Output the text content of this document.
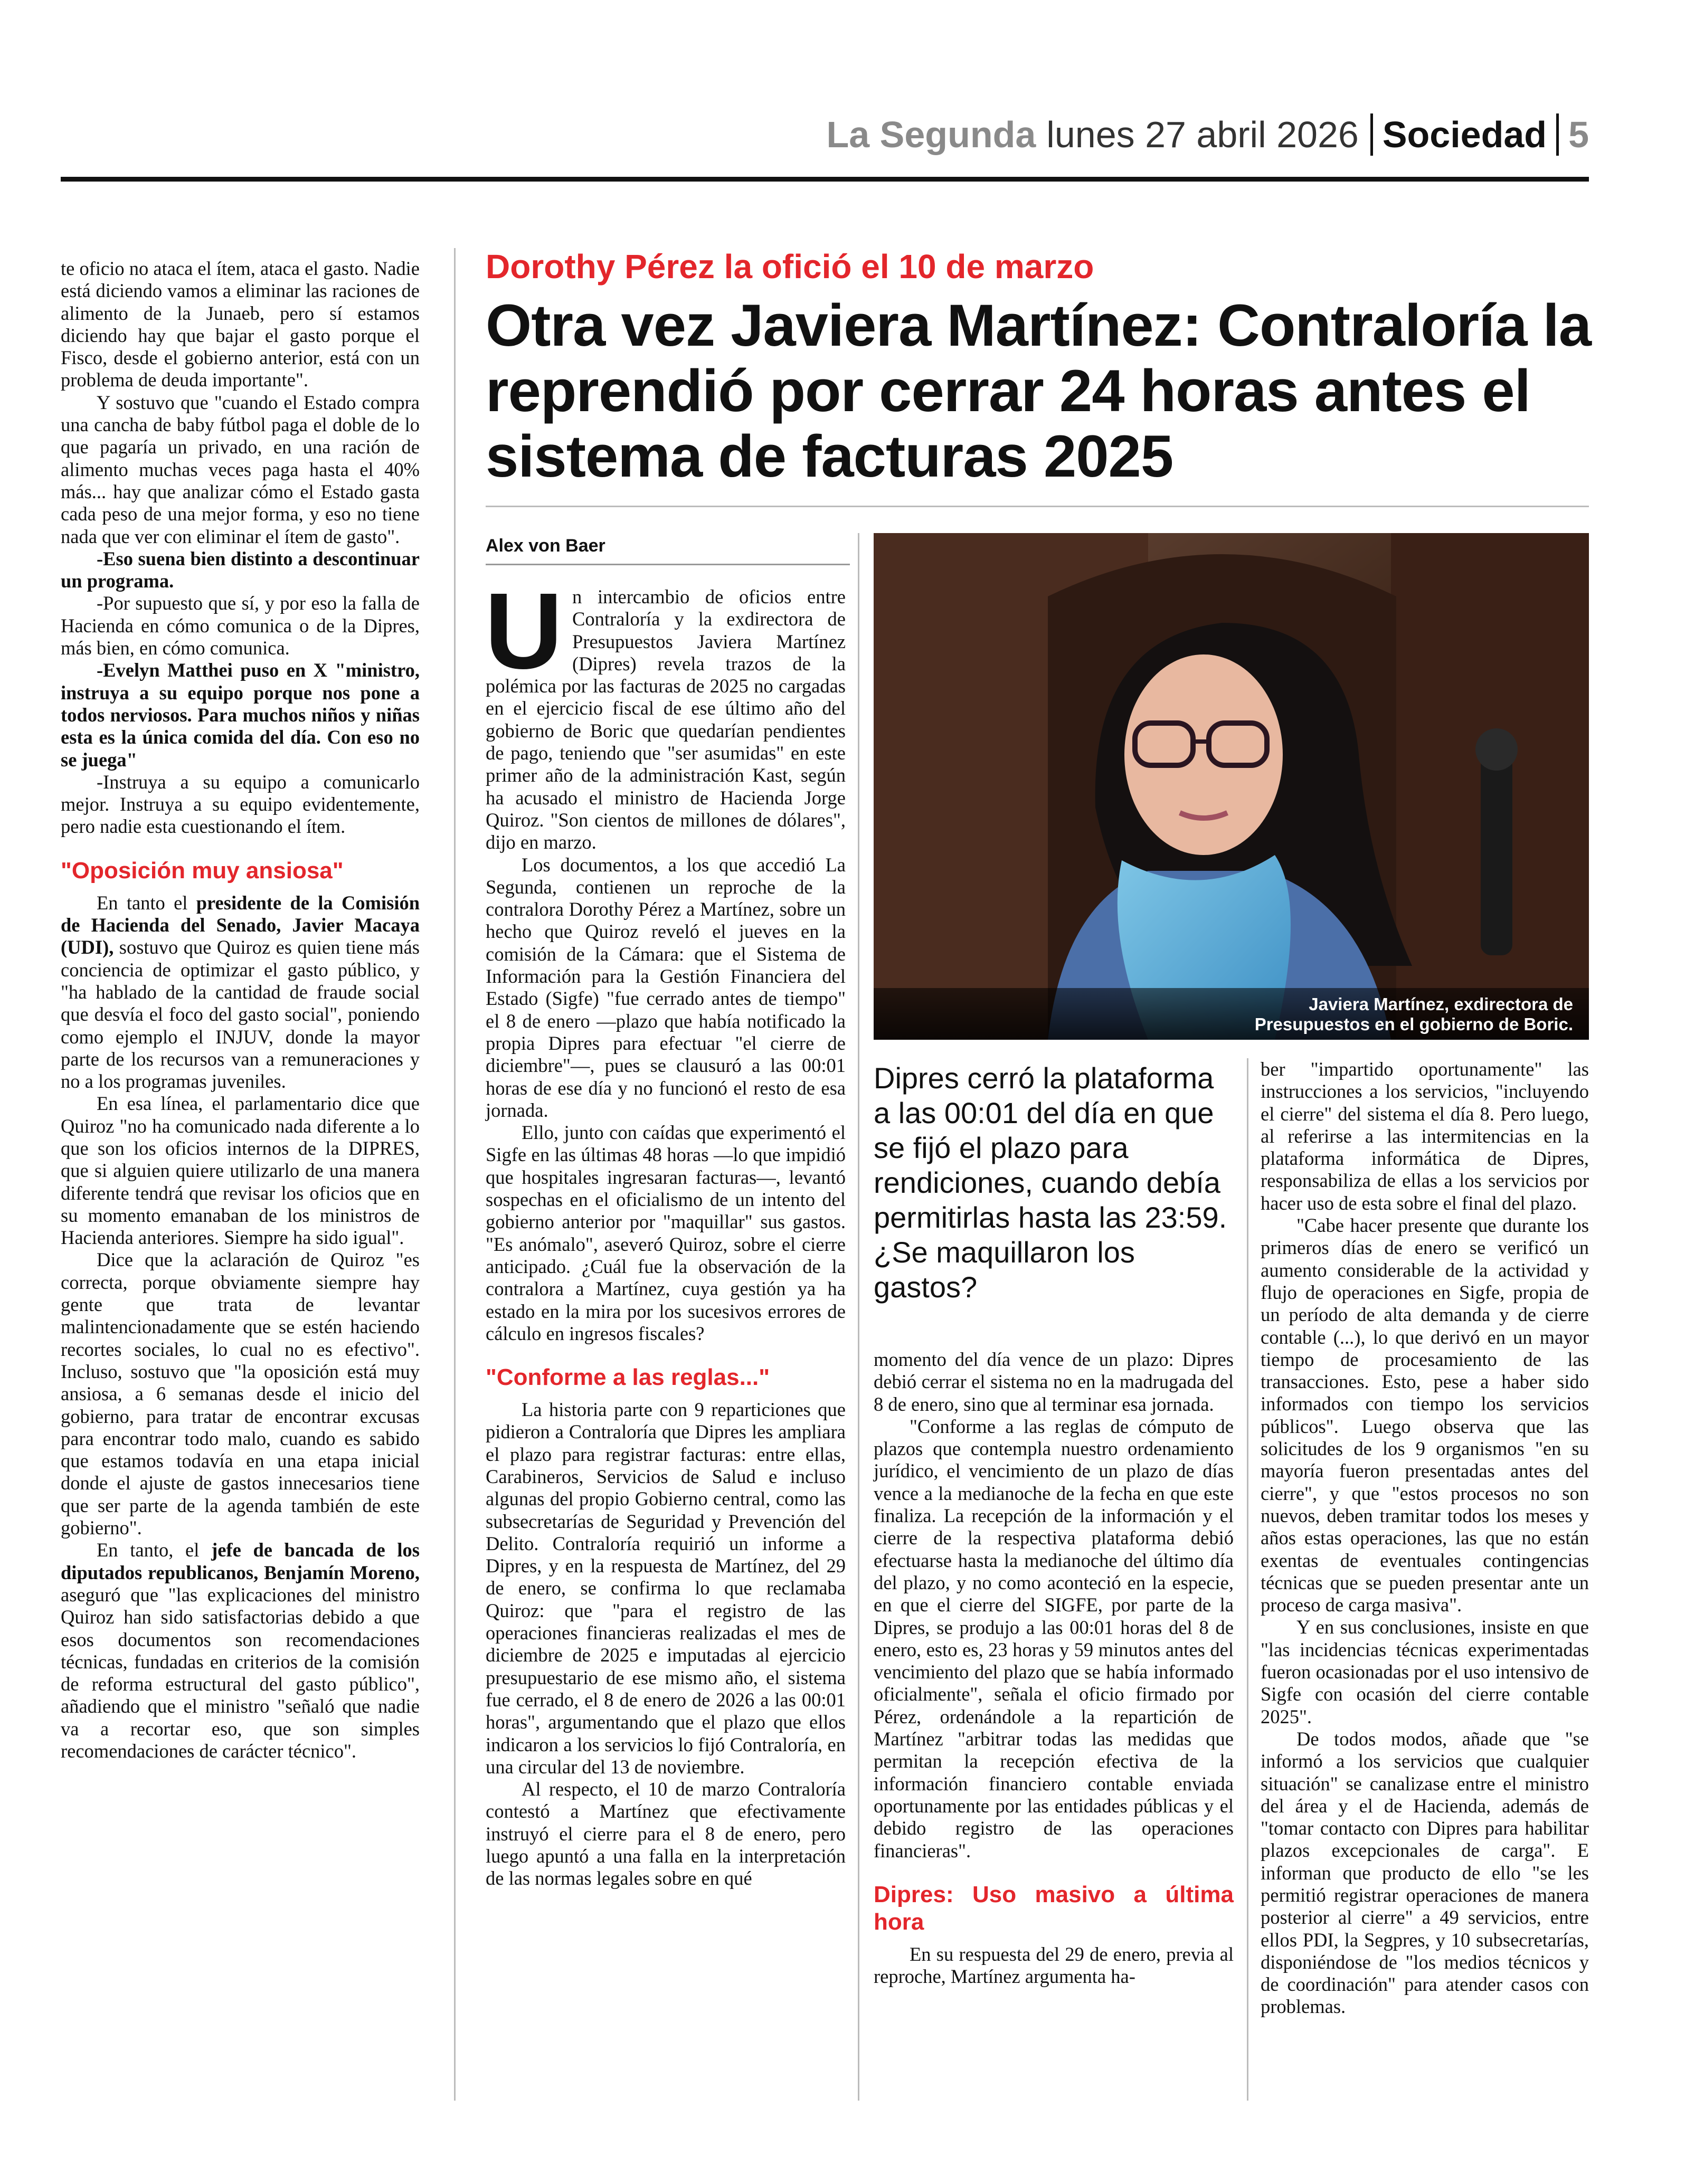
La Segunda lunes 27 abril 2026 Sociedad 5

te oficio no ataca el ítem, ataca el gasto. Nadie está diciendo vamos a eliminar las raciones de alimento de la Junaeb, pero sí estamos diciendo hay que bajar el gasto porque el Fisco, desde el gobierno anterior, está con un problema de deuda importante".

Y sostuvo que "cuando el Estado compra una cancha de baby fútbol paga el doble de lo que pagaría un privado, en una ración de alimento muchas veces paga hasta el 40% más... hay que analizar cómo el Estado gasta cada peso de una mejor forma, y eso no tiene nada que ver con eliminar el ítem de gasto".

-Eso suena bien distinto a descontinuar un programa.

-Por supuesto que sí, y por eso la falla de Hacienda en cómo comunica o de la Dipres, más bien, en cómo comunica.

-Evelyn Matthei puso en X "ministro, instruya a su equipo porque nos pone a todos nerviosos. Para muchos niños y niñas esta es la única comida del día. Con eso no se juega"

-Instruya a su equipo a comunicarlo mejor. Instruya a su equipo evidentemente, pero nadie esta cuestionando el ítem.

"Oposición muy ansiosa"

En tanto el presidente de la Comisión de Hacienda del Senado, Javier Macaya (UDI), sostuvo que Quiroz es quien tiene más conciencia de optimizar el gasto público, y "ha hablado de la cantidad de fraude social que desvía el foco del gasto social", poniendo como ejemplo el INJUV, donde la mayor parte de los recursos van a remuneraciones y no a los programas juveniles.

En esa línea, el parlamentario dice que Quiroz "no ha comunicado nada diferente a lo que son los oficios internos de la DIPRES, que si alguien quiere utilizarlo de una manera diferente tendrá que revisar los oficios que en su momento emanaban de los ministros de Hacienda anteriores. Siempre ha sido igual".

Dice que la aclaración de Quiroz "es correcta, porque obviamente siempre hay gente que trata de levantar malintencionadamente que se estén haciendo recortes sociales, lo cual no es efectivo". Incluso, sostuvo que "la oposición está muy ansiosa, a 6 semanas desde el inicio del gobierno, para tratar de encontrar excusas para encontrar todo malo, cuando es sabido que estamos todavía en una etapa inicial donde el ajuste de gastos innecesarios tiene que ser parte de la agenda también de este gobierno".

En tanto, el jefe de bancada de los diputados republicanos, Benjamín Moreno, aseguró que "las explicaciones del ministro Quiroz han sido satisfactorias debido a que esos documentos son recomendaciones técnicas, fundadas en criterios de la comisión de reforma estructural del gasto público", añadiendo que el ministro "señaló que nadie va a recortar eso, que son simples recomendaciones de carácter técnico".

Dorothy Pérez la ofició el 10 de marzo
Otra vez Javiera Martínez: Contraloría la reprendió por cerrar 24 horas antes el sistema de facturas 2025
Alex von Baer

Un intercambio de oficios entre Contraloría y la exdirectora de Presupuestos Javiera Martínez (Dipres) revela trazos de la polémica por las facturas de 2025 no cargadas en el ejercicio fiscal de ese último año del gobierno de Boric que quedarían pendientes de pago, teniendo que "ser asumidas" en este primer año de la administración Kast, según ha acusado el ministro de Hacienda Jorge Quiroz. "Son cientos de millones de dólares", dijo en marzo.

Los documentos, a los que accedió La Segunda, contienen un reproche de la contralora Dorothy Pérez a Martínez, sobre un hecho que Quiroz reveló el jueves en la comisión de la Cámara: que el Sistema de Información para la Gestión Financiera del Estado (Sigfe) "fue cerrado antes de tiempo" el 8 de enero —plazo que había notificado la propia Dipres para efectuar "el cierre de diciembre"—, pues se clausuró a las 00:01 horas de ese día y no funcionó el resto de esa jornada.

Ello, junto con caídas que experimentó el Sigfe en las últimas 48 horas —lo que impidió que hospitales ingresaran facturas—, levantó sospechas en el oficialismo de un intento del gobierno anterior por "maquillar" sus gastos. "Es anómalo", aseveró Quiroz, sobre el cierre anticipado. ¿Cuál fue la observación de la contralora a Martínez, cuya gestión ya ha estado en la mira por los sucesivos errores de cálculo en ingresos fiscales?

"Conforme a las reglas..."

La historia parte con 9 reparticiones que pidieron a Contraloría que Dipres les ampliara el plazo para registrar facturas: entre ellas, Carabineros, Servicios de Salud e incluso algunas del propio Gobierno central, como las subsecretarías de Seguridad y Prevención del Delito. Contraloría requirió un informe a Dipres, y en la respuesta de Martínez, del 29 de enero, se confirma lo que reclamaba Quiroz: que "para el registro de las operaciones financieras realizadas el mes de diciembre de 2025 e imputadas al ejercicio presupuestario de ese mismo año, el sistema fue cerrado, el 8 de enero de 2026 a las 00:01 horas", argumentando que el plazo que ellos indicaron a los servicios lo fijó Contraloría, en una circular del 13 de noviembre.

Al respecto, el 10 de marzo Contraloría contestó a Martínez que efectivamente instruyó el cierre para el 8 de enero, pero luego apuntó a una falla en la interpretación de las normas legales sobre en qué

Javiera Martínez, exdirectora de
Presupuestos en el gobierno de Boric.
Dipres cerró la plataforma a las 00:01 del día en que se fijó el plazo para rendiciones, cuando debía permitirlas hasta las 23:59. ¿Se maquillaron los gastos?

momento del día vence de un plazo: Dipres debió cerrar el sistema no en la madrugada del 8 de enero, sino que al terminar esa jornada.

"Conforme a las reglas de cómputo de plazos que contempla nuestro ordenamiento jurídico, el vencimiento de un plazo de días vence a la medianoche de la fecha en que este finaliza. La recepción de la información y el cierre de la respectiva plataforma debió efectuarse hasta la medianoche del último día del plazo, y no como aconteció en la especie, en que el cierre del SIGFE, por parte de la Dipres, se produjo a las 00:01 horas del 8 de enero, esto es, 23 horas y 59 minutos antes del vencimiento del plazo que se había informado oficialmente", señala el oficio firmado por Pérez, ordenándole a la repartición de Martínez "arbitrar todas las medidas que permitan la recepción efectiva de la información financiero contable enviada oportunamente por las entidades públicas y el debido registro de las operaciones financieras".

Dipres: Uso masivo a última hora

En su respuesta del 29 de enero, previa al reproche, Martínez argumenta ha-

ber "impartido oportunamente" las instrucciones a los servicios, "incluyendo el cierre" del sistema el día 8. Pero luego, al referirse a las intermitencias en la plataforma informática de Dipres, responsabiliza de ellas a los servicios por hacer uso de esta sobre el final del plazo.

"Cabe hacer presente que durante los primeros días de enero se verificó un aumento considerable de la actividad y flujo de operaciones en Sigfe, propia de un período de alta demanda y de cierre contable (...), lo que derivó en un mayor tiempo de procesamiento de las transacciones. Esto, pese a haber sido informados con tiempo los servicios públicos". Luego observa que las solicitudes de los 9 organismos "en su mayoría fueron presentadas antes del cierre", y que "estos procesos no son nuevos, deben tramitar todos los meses y años estas operaciones, las que no están exentas de eventuales contingencias técnicas que se pueden presentar ante un proceso de carga masiva".

Y en sus conclusiones, insiste en que "las incidencias técnicas experimentadas fueron ocasionadas por el uso intensivo de Sigfe con ocasión del cierre contable 2025".

De todos modos, añade que "se informó a los servicios que cualquier situación" se canalizase entre el ministro del área y el de Hacienda, además de "tomar contacto con Dipres para habilitar plazos excepcionales de carga". E informan que producto de ello "se les permitió registrar operaciones de manera posterior al cierre" a 49 servicios, entre ellos PDI, la Segpres, y 10 subsecretarías, disponiéndose de "los medios técnicos y de coordinación" para atender casos con problemas.
